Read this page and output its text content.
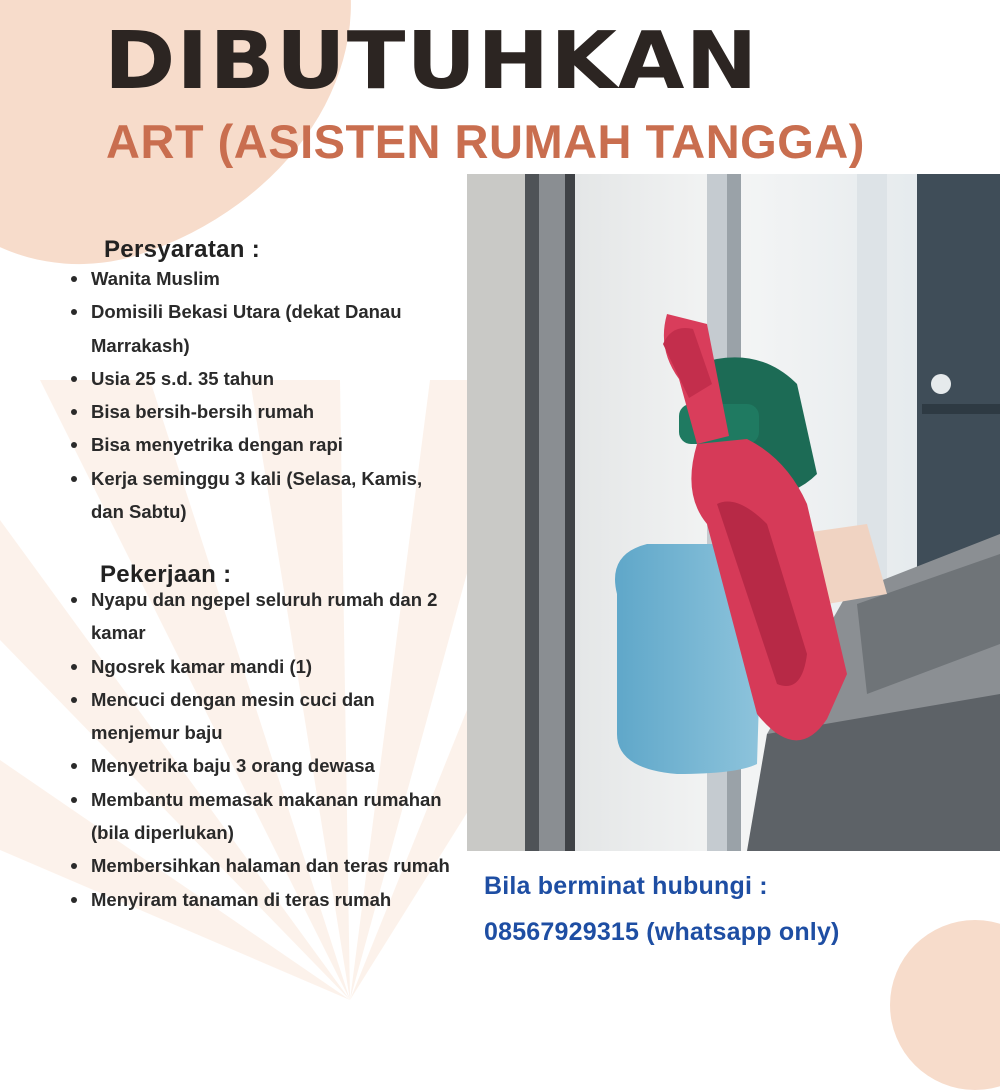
DIBUTUHKAN
ART (ASISTEN RUMAH TANGGA)
Persyaratan :
Wanita Muslim
Domisili Bekasi Utara (dekat Danau Marrakash)
Usia 25 s.d. 35 tahun
Bisa bersih-bersih rumah
Bisa menyetrika dengan rapi
Kerja seminggu 3 kali (Selasa, Kamis, dan Sabtu)
Pekerjaan :
Nyapu dan ngepel seluruh rumah dan 2 kamar
Ngosrek kamar mandi (1)
Mencuci dengan mesin cuci dan menjemur baju
Menyetrika baju 3 orang dewasa
Membantu memasak makanan rumahan (bila diperlukan)
Membersihkan halaman dan teras rumah
Menyiram tanaman di teras rumah	Bila berminat hubungi :

08567929315 (whatsapp only)
